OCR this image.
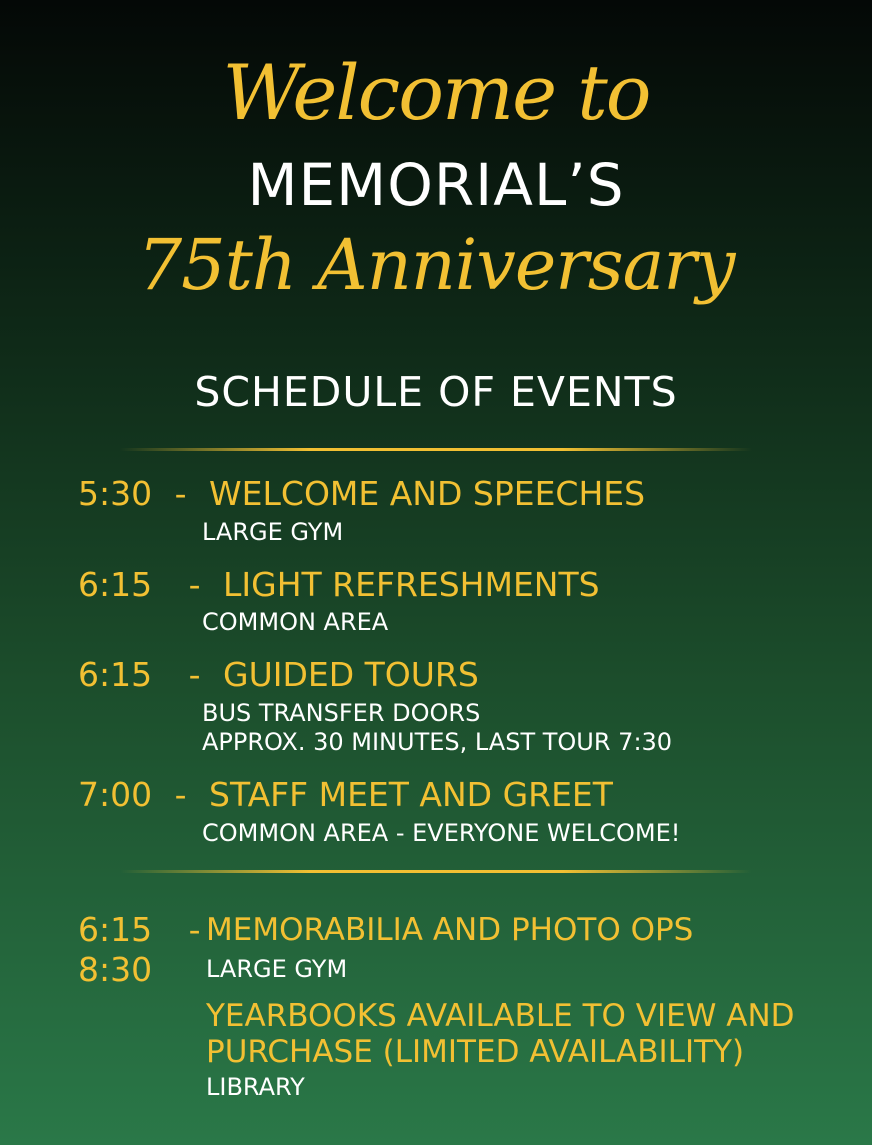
Welcome to
MEMORIAL’S
75th Anniversary
SCHEDULE OF EVENTS
5:30 - WELCOME AND SPEECHES
LARGE GYM
6:15 - LIGHT REFRESHMENTS
COMMON AREA
6:15 - GUIDED TOURS
BUS TRANSFER DOORS
APPROX. 30 MINUTES, LAST TOUR 7:30
7:00 - STAFF MEET AND GREET
COMMON AREA - EVERYONE WELCOME!
6:15 -
8:30
MEMORABILIA AND PHOTO OPS
LARGE GYM
YEARBOOKS AVAILABLE TO VIEW AND
PURCHASE (LIMITED AVAILABILITY)
LIBRARY
